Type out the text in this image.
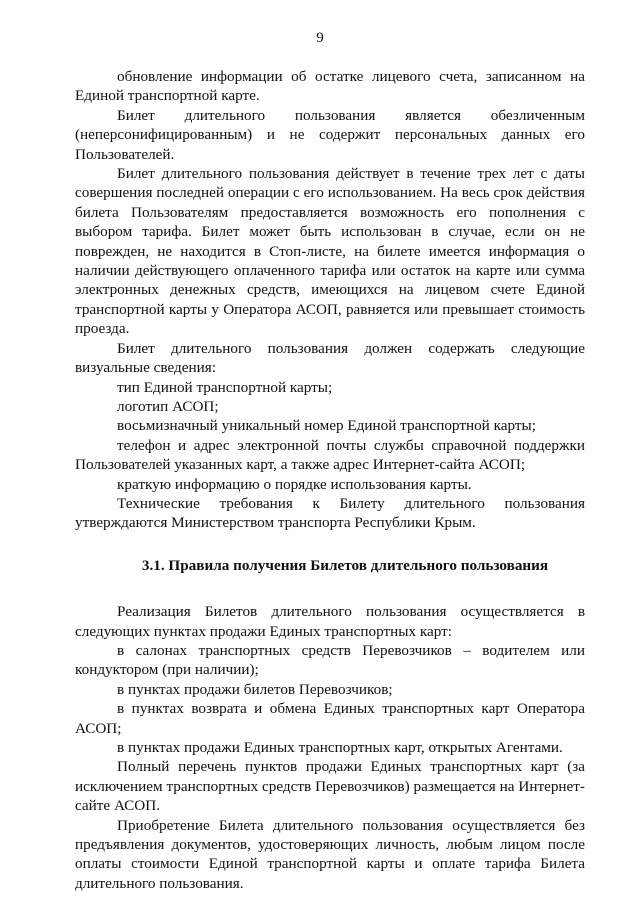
9

обновление информации об остатке лицевого счета, записанном на Единой транспортной карте.

Билет длительного пользования является обезличенным (неперсонифицированным) и не содержит персональных данных его Пользователей.

Билет длительного пользования действует в течение трех лет с даты совершения последней операции с его использованием. На весь срок действия билета Пользователям предоставляется возможность его пополнения с выбором тарифа. Билет может быть использован в случае, если он не поврежден, не находится в Стоп-листе, на билете имеется информация о наличии действующего оплаченного тарифа или остаток на карте или сумма электронных денежных средств, имеющихся на лицевом счете Единой транспортной карты у Оператора АСОП, равняется или превышает стоимость проезда.

Билет длительного пользования должен содержать следующие визуальные сведения:

тип Единой транспортной карты;

логотип АСОП;

восьмизначный уникальный номер Единой транспортной карты;

телефон и адрес электронной почты службы справочной поддержки Пользователей указанных карт, а также адрес Интернет-сайта АСОП;

краткую информацию о порядке использования карты.

Технические требования к Билету длительного пользования утверждаются Министерством транспорта Республики Крым.

3.1. Правила получения Билетов длительного пользования

Реализация Билетов длительного пользования осуществляется в следующих пунктах продажи Единых транспортных карт:

в салонах транспортных средств Перевозчиков – водителем или кондуктором (при наличии);

в пунктах продажи билетов Перевозчиков;

в пунктах возврата и обмена Единых транспортных карт Оператора АСОП;

в пунктах продажи Единых транспортных карт, открытых Агентами.

Полный перечень пунктов продажи Единых транспортных карт (за исключением транспортных средств Перевозчиков) размещается на Интернет-сайте АСОП.

Приобретение Билета длительного пользования осуществляется без предъявления документов, удостоверяющих личность, любым лицом после оплаты стоимости Единой транспортной карты и оплате тарифа Билета длительного пользования.
